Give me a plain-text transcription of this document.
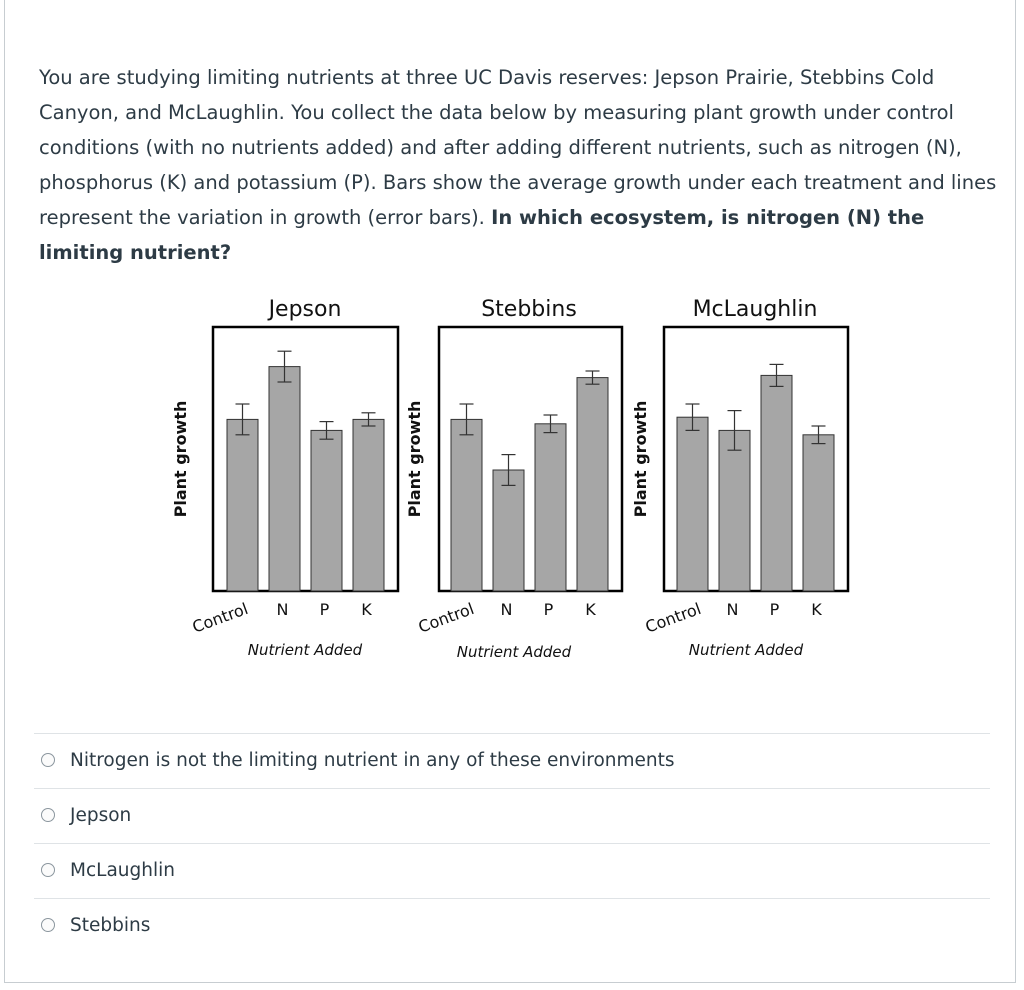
You are studying limiting nutrients at three UC Davis reserves: Jepson Prairie, Stebbins Cold Canyon, and McLaughlin. You collect the data below by measuring plant growth under control conditions (with no nutrients added) and after adding different nutrients, such as nitrogen (N), phosphorus (K) and potassium (P). Bars show the average growth under each treatment and lines represent the variation in growth (error bars). In which ecosystem, is nitrogen (N) the limiting nutrient?

Jepson
Plant growth
Control N P K
Nutrient Added
Stebbins
Plant growth
Control N P K
Nutrient Added
McLaughlin
Plant growth
Control N P K
Nutrient Added
Nitrogen is not the limiting nutrient in any of these environments
Jepson
McLaughlin
Stebbins
